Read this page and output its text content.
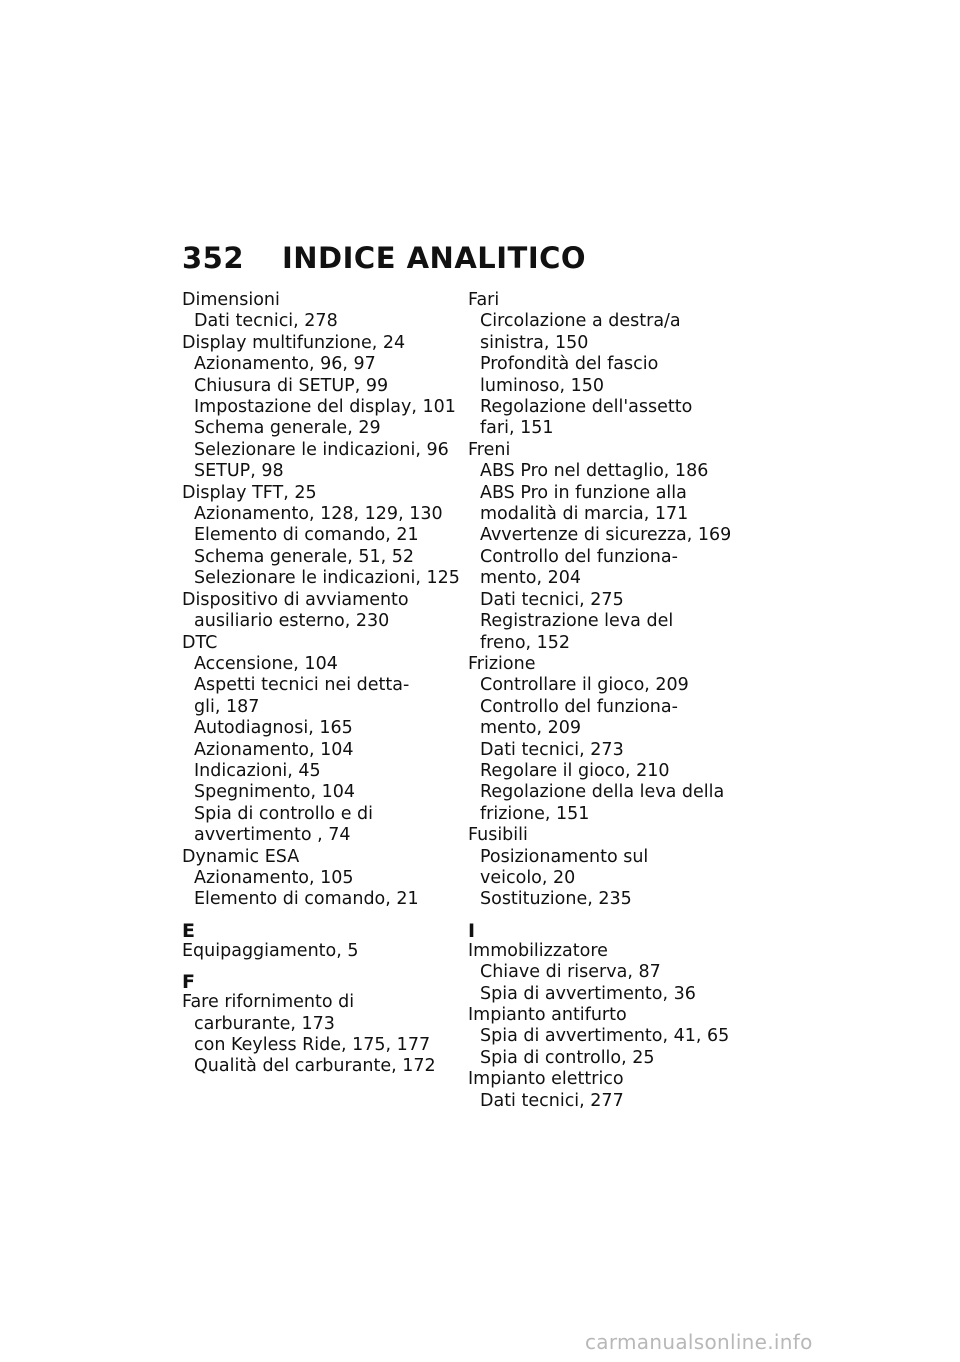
352 INDICE ANALITICO
Dimensioni
Dati tecnici, 278
Display multifunzione, 24
Azionamento, 96, 97
Chiusura di SETUP, 99
Impostazione del display, 101
Schema generale, 29
Selezionare le indicazioni, 96
SETUP, 98
Display TFT, 25
Azionamento, 128, 129, 130
Elemento di comando, 21
Schema generale, 51, 52
Selezionare le indicazioni, 125
Dispositivo di avviamento
ausiliario esterno, 230
DTC
Accensione, 104
Aspetti tecnici nei detta-
gli, 187
Autodiagnosi, 165
Azionamento, 104
Indicazioni, 45
Spegnimento, 104
Spia di controllo e di
avvertimento , 74
Dynamic ESA
Azionamento, 105
Elemento di comando, 21
E
Equipaggiamento, 5
F
Fare rifornimento di
carburante, 173
con Keyless Ride, 175, 177
Qualità del carburante, 172
Fari
Circolazione a destra/a
sinistra, 150
Profondità del fascio
luminoso, 150
Regolazione dell'assetto
fari, 151
Freni
ABS Pro nel dettaglio, 186
ABS Pro in funzione alla
modalità di marcia, 171
Avvertenze di sicurezza, 169
Controllo del funziona-
mento, 204
Dati tecnici, 275
Registrazione leva del
freno, 152
Frizione
Controllare il gioco, 209
Controllo del funziona-
mento, 209
Dati tecnici, 273
Regolare il gioco, 210
Regolazione della leva della
frizione, 151
Fusibili
Posizionamento sul
veicolo, 20
Sostituzione, 235
I
Immobilizzatore
Chiave di riserva, 87
Spia di avvertimento, 36
Impianto antifurto
Spia di avvertimento, 41, 65
Spia di controllo, 25
Impianto elettrico
Dati tecnici, 277
carmanualsonline.info
